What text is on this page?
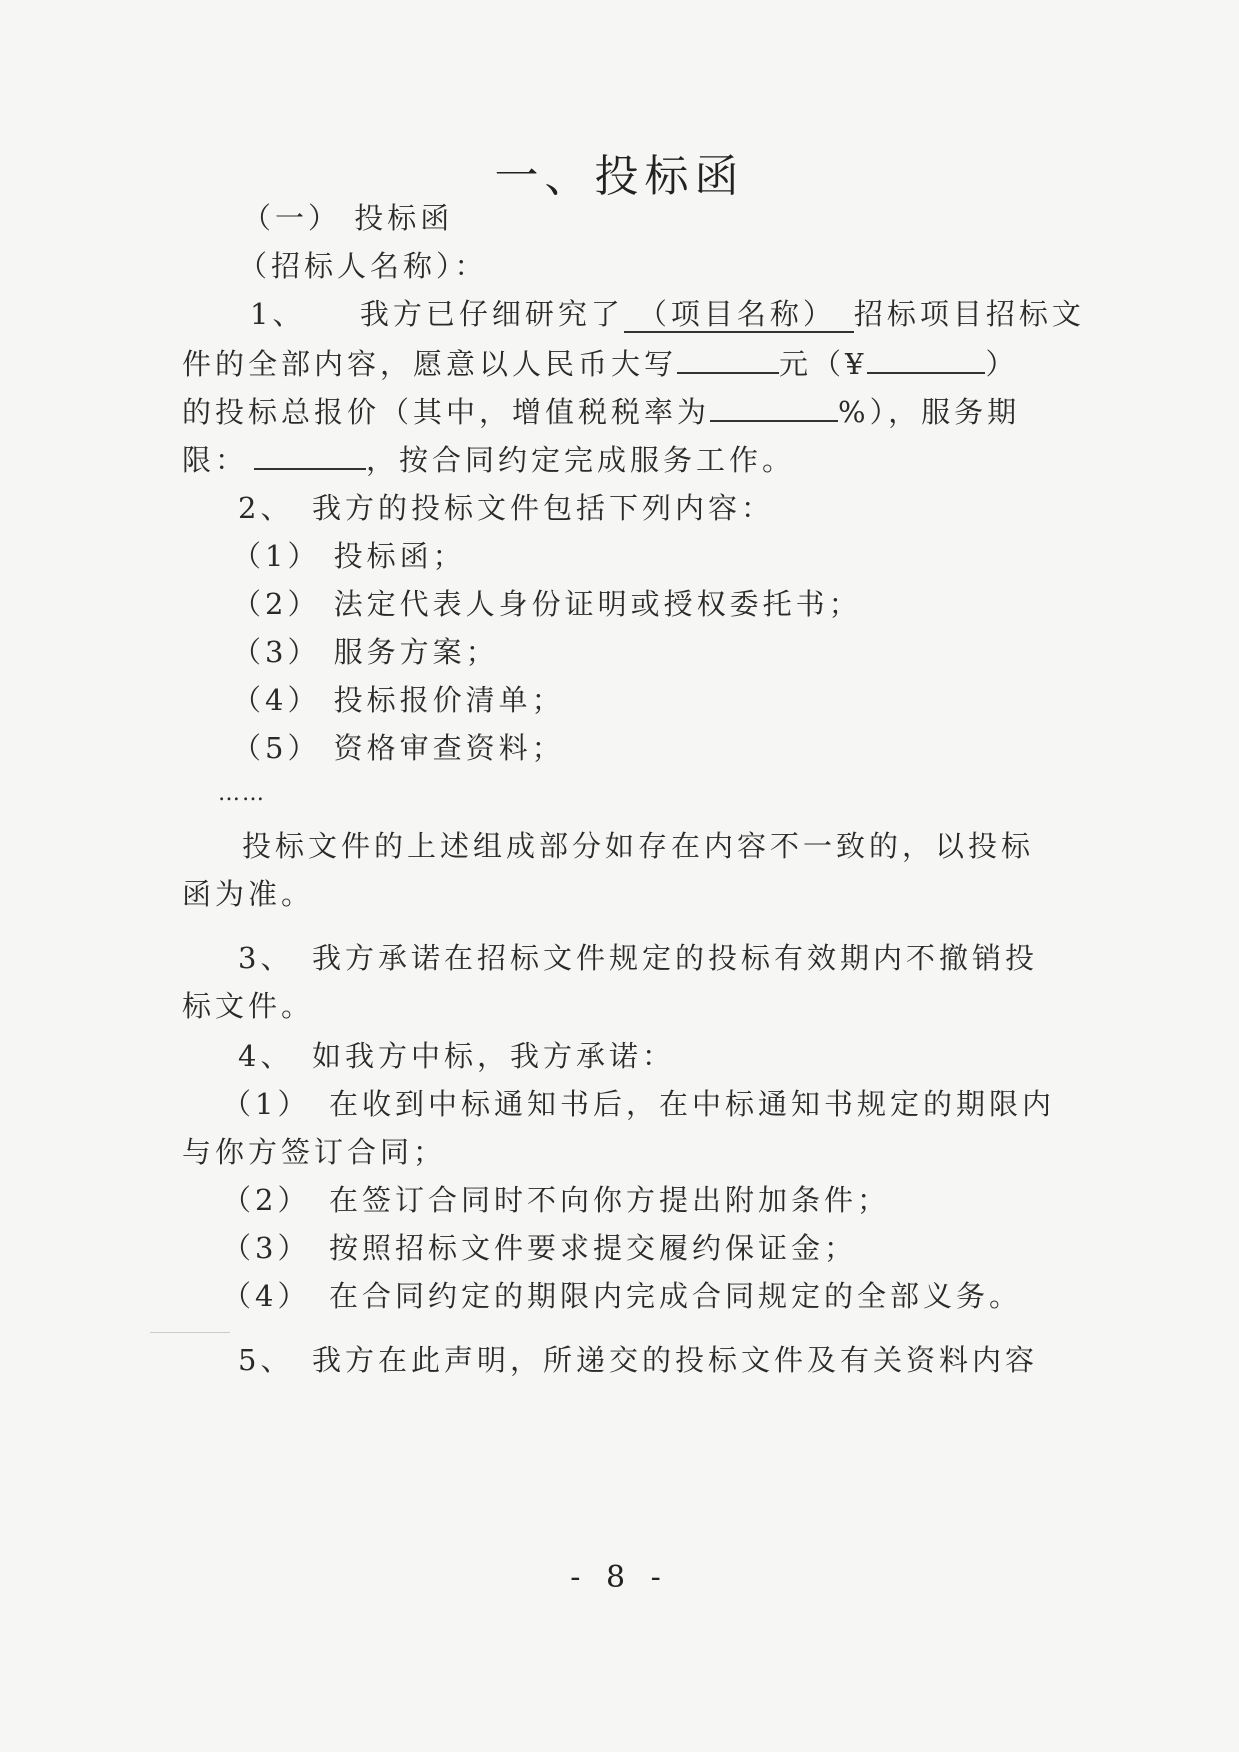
一、投标函
（一） 投标函
（招标人名称）：
1、 我方已仔细研究了 （项目名称） 招标项目招标文
件的全部内容，愿意以人民币大写	元（¥	）
的投标总报价（其中，增值税税率为	%），服务期
限：	，按合同约定完成服务工作。
2、　我方的投标文件包括下列内容：
（1） 投标函；
（2） 法定代表人身份证明或授权委托书；
（3） 服务方案；
（4） 投标报价清单；
（5） 资格审查资料；
……
投标文件的上述组成部分如存在内容不一致的，以投标
函为准。
3、　我方承诺在招标文件规定的投标有效期内不撤销投
标文件。
4、　如我方中标，我方承诺：
（1）　在收到中标通知书后，在中标通知书规定的期限内
与你方签订合同；
（2）　在签订合同时不向你方提出附加条件；
（3）　按照招标文件要求提交履约保证金；
（4）　在合同约定的期限内完成合同规定的全部义务。
5、　我方在此声明，所递交的投标文件及有关资料内容
- 8 -
